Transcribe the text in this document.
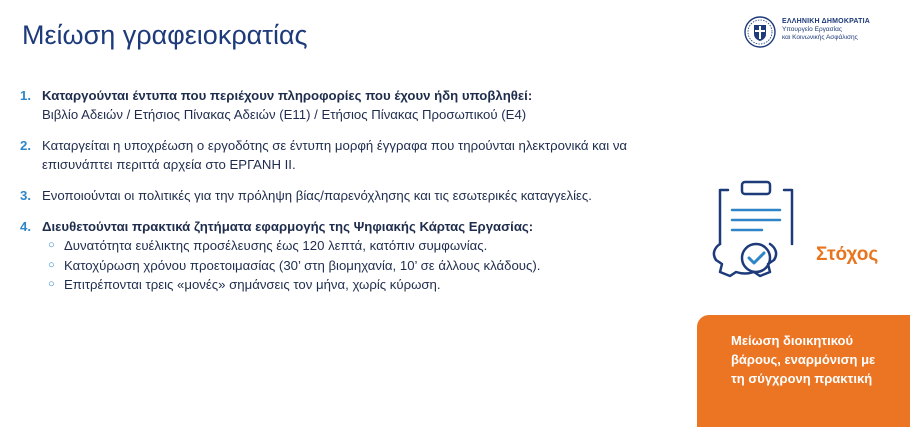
Μείωση γραφειοκρατίας	ΕΛΛΗΝΙΚΗ ΔΗΜΟΚΡΑΤΙΑ
Υπουργείο Εργασίας
και Κοινωνικής Ασφάλισης
1. Καταργούνται έντυπα που περιέχουν πληροφορίες που έχουν ήδη υποβληθεί:
Βιβλίο Αδειών / Ετήσιος Πίνακας Αδειών (Ε11) / Ετήσιος Πίνακας Προσωπικού (Ε4)
2. Καταργείται η υποχρέωση ο εργοδότης σε έντυπη μορφή έγγραφα που τηρούνται ηλεκτρονικά και να επισυνάπτει περιττά αρχεία στο ΕΡΓΑΝΗ ΙΙ.
3. Ενοποιούνται οι πολιτικές για την πρόληψη βίας/παρενόχλησης και τις εσωτερικές καταγγελίες.
4. Διευθετούνται πρακτικά ζητήματα εφαρμογής της Ψηφιακής Κάρτας Εργασίας:
○ Δυνατότητα ευέλικτης προσέλευσης έως 120 λεπτά, κατόπιν συμφωνίας.
○ Κατοχύρωση χρόνου προετοιμασίας (30’ στη βιομηχανία, 10’ σε άλλους κλάδους).
○ Επιτρέπονται τρεις «μονές» σημάνσεις τον μήνα, χωρίς κύρωση.
Στόχος
Μείωση διοικητικού βάρους, εναρμόνιση με τη σύγχρονη πρακτική
